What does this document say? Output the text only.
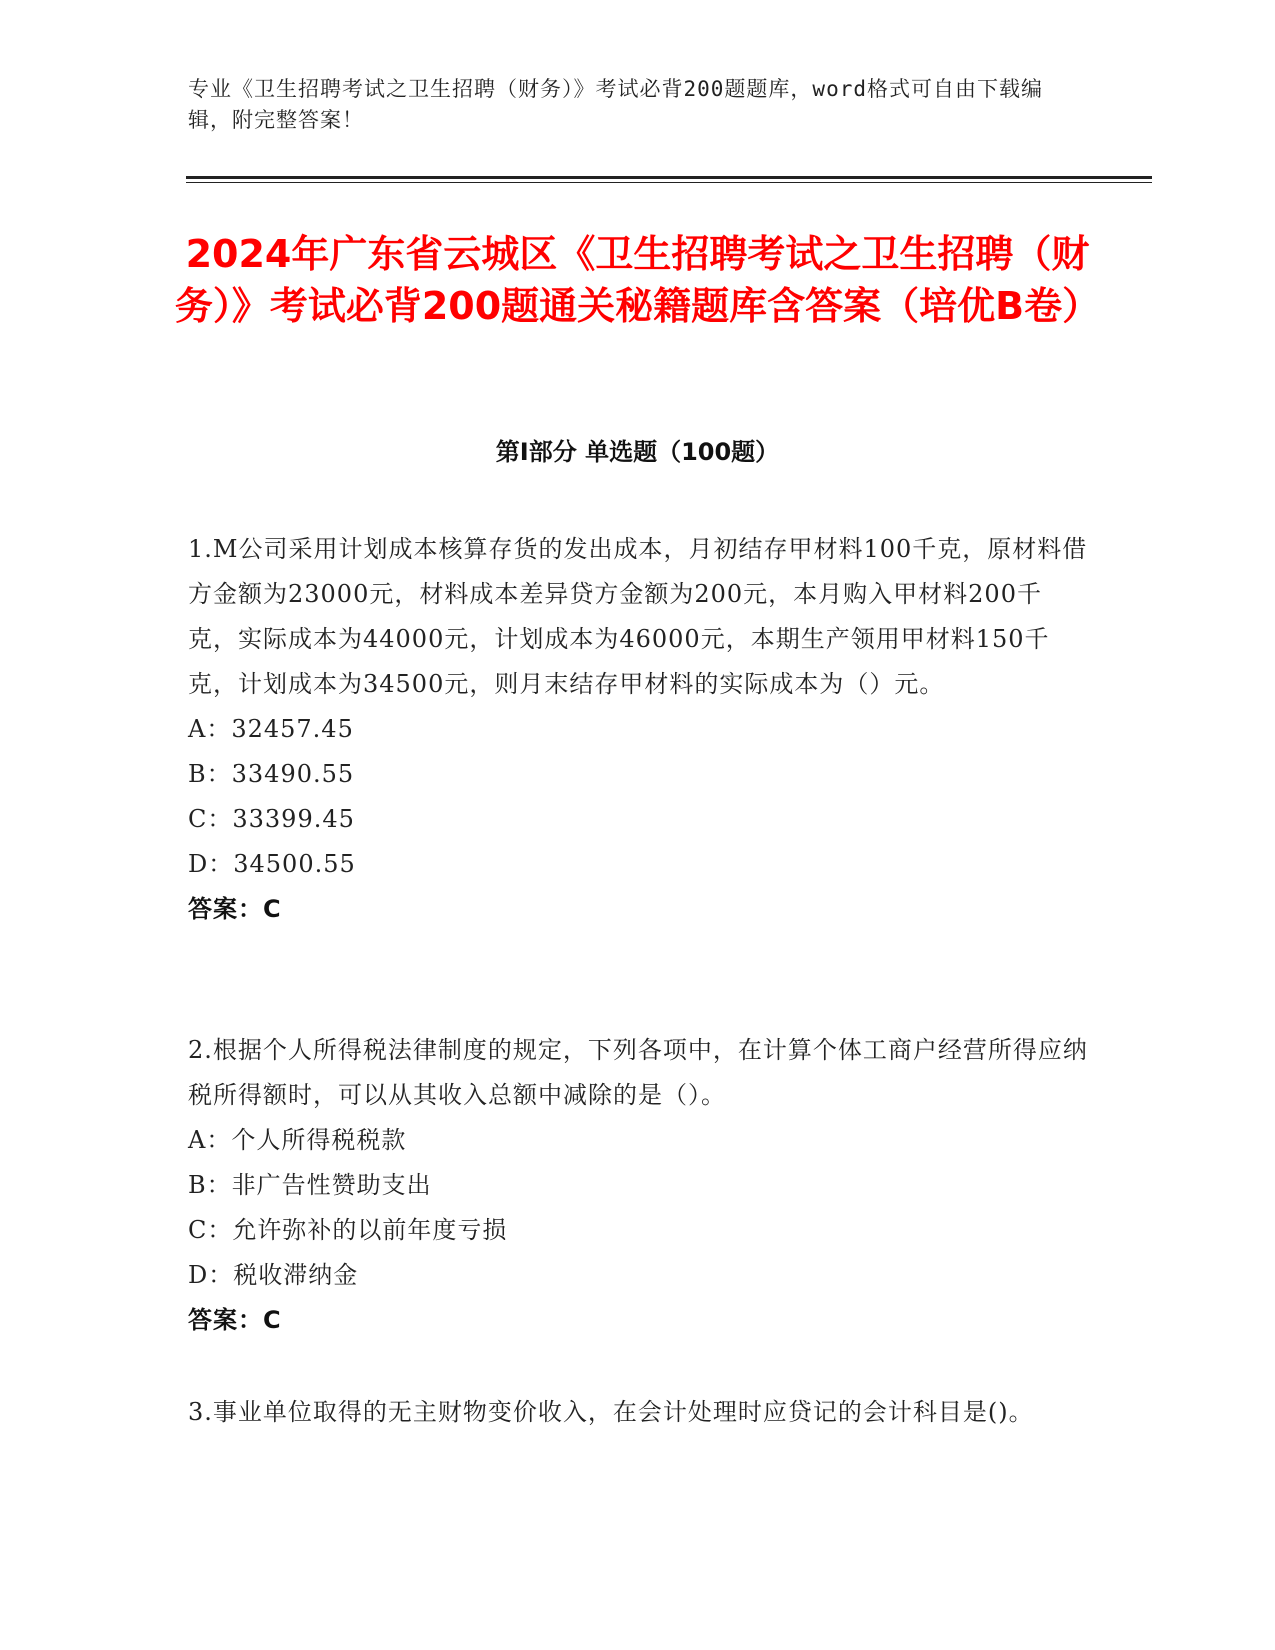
专业《卫生招聘考试之卫生招聘（财务）》考试必背200题题库，word格式可自由下载编辑，附完整答案！
2024年广东省云城区《卫生招聘考试之卫生招聘（财务）》考试必背200题通关秘籍题库含答案（培优B卷）
第I部分 单选题（100题）
1.M公司采用计划成本核算存货的发出成本，月初结存甲材料100千克，原材料借方金额为23000元，材料成本差异贷方金额为200元，本月购入甲材料200千克，实际成本为44000元，计划成本为46000元，本期生产领用甲材料150千克，计划成本为34500元，则月末结存甲材料的实际成本为（）元。
A：32457.45
B：33490.55
C：33399.45
D：34500.55
答案：C
2.根据个人所得税法律制度的规定，下列各项中，在计算个体工商户经营所得应纳税所得额时，可以从其收入总额中减除的是（）。
A：个人所得税税款
B：非广告性赞助支出
C：允许弥补的以前年度亏损
D：税收滞纳金
答案：C
3.事业单位取得的无主财物变价收入，在会计处理时应贷记的会计科目是()。
